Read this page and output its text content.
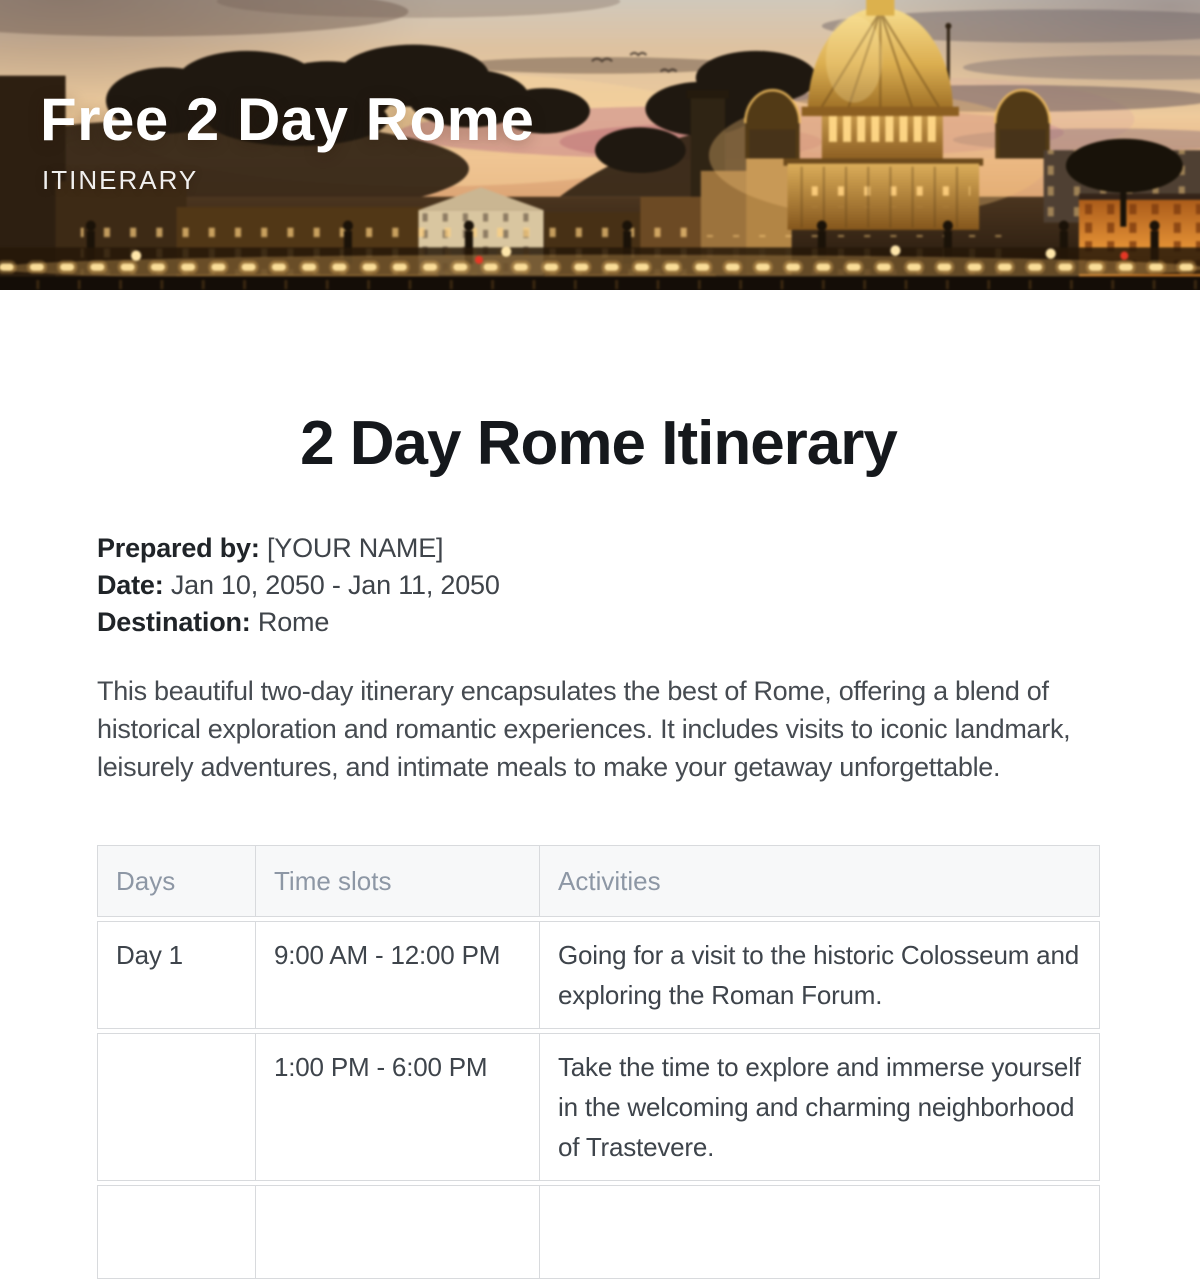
Free 2 Day Rome
ITINERARY
2 Day Rome Itinerary
Prepared by: [YOUR NAME]
Date: Jan 10, 2050 - Jan 11, 2050
Destination: Rome

This beautiful two-day itinerary encapsulates the best of Rome, offering a blend of historical exploration and romantic experiences. It includes visits to iconic landmark, leisurely adventures, and intimate meals to make your getaway unforgettable.

Days	Time slots	Activities
Day 1	9:00 AM - 12:00 PM	Going for a visit to the historic Colosseum and exploring the Roman Forum.
	1:00 PM - 6:00 PM	Take the time to explore and immerse yourself in the welcoming and charming neighborhood of Trastevere.
